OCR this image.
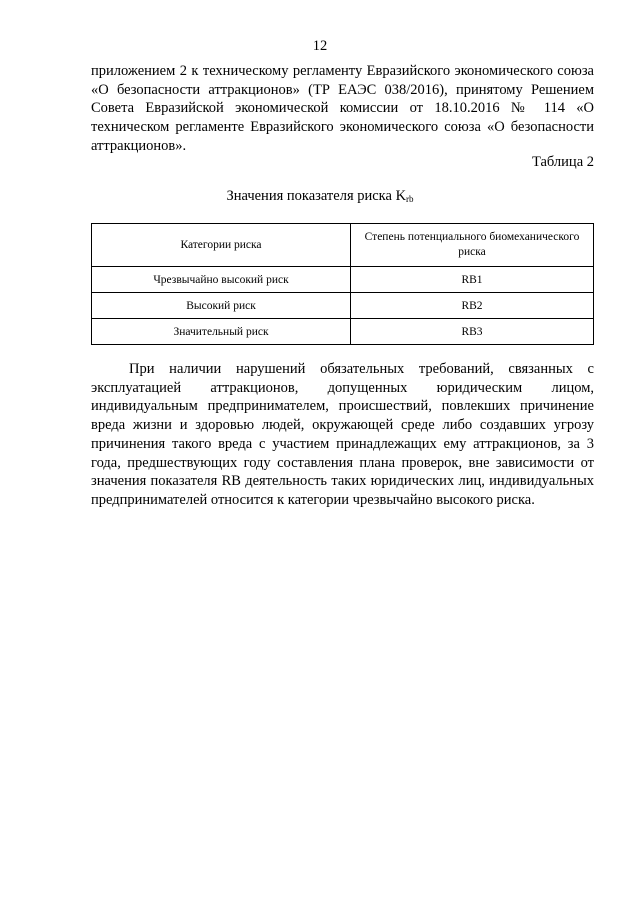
12

приложением 2 к техническому регламенту Евразийского экономического союза «О безопасности аттракционов» (ТР ЕАЭС 038/2016), принятому Решением Совета Евразийской экономической комиссии от 18.10.2016 № 114 «О техническом регламенте Евразийского экономического союза «О безопасности аттракционов».

Таблица 2
Значения показателя риска $K_{rb}$
Категории риска	Степень потенциального биомеханического риска
Чрезвычайно высокий риск	RB1
Высокий риск	RB2
Значительный риск	RB3

При наличии нарушений обязательных требований, связанных с эксплуатацией аттракционов, допущенных юридическим лицом, индивидуальным предпринимателем, происшествий, повлекших причинение вреда жизни и здоровью людей, окружающей среде либо создавших угрозу причинения такого вреда с участием принадлежащих ему аттракционов, за 3 года, предшествующих году составления плана проверок, вне зависимости от значения показателя RB деятельность таких юридических лиц, индивидуальных предпринимателей относится к категории чрезвычайно высокого риска.
